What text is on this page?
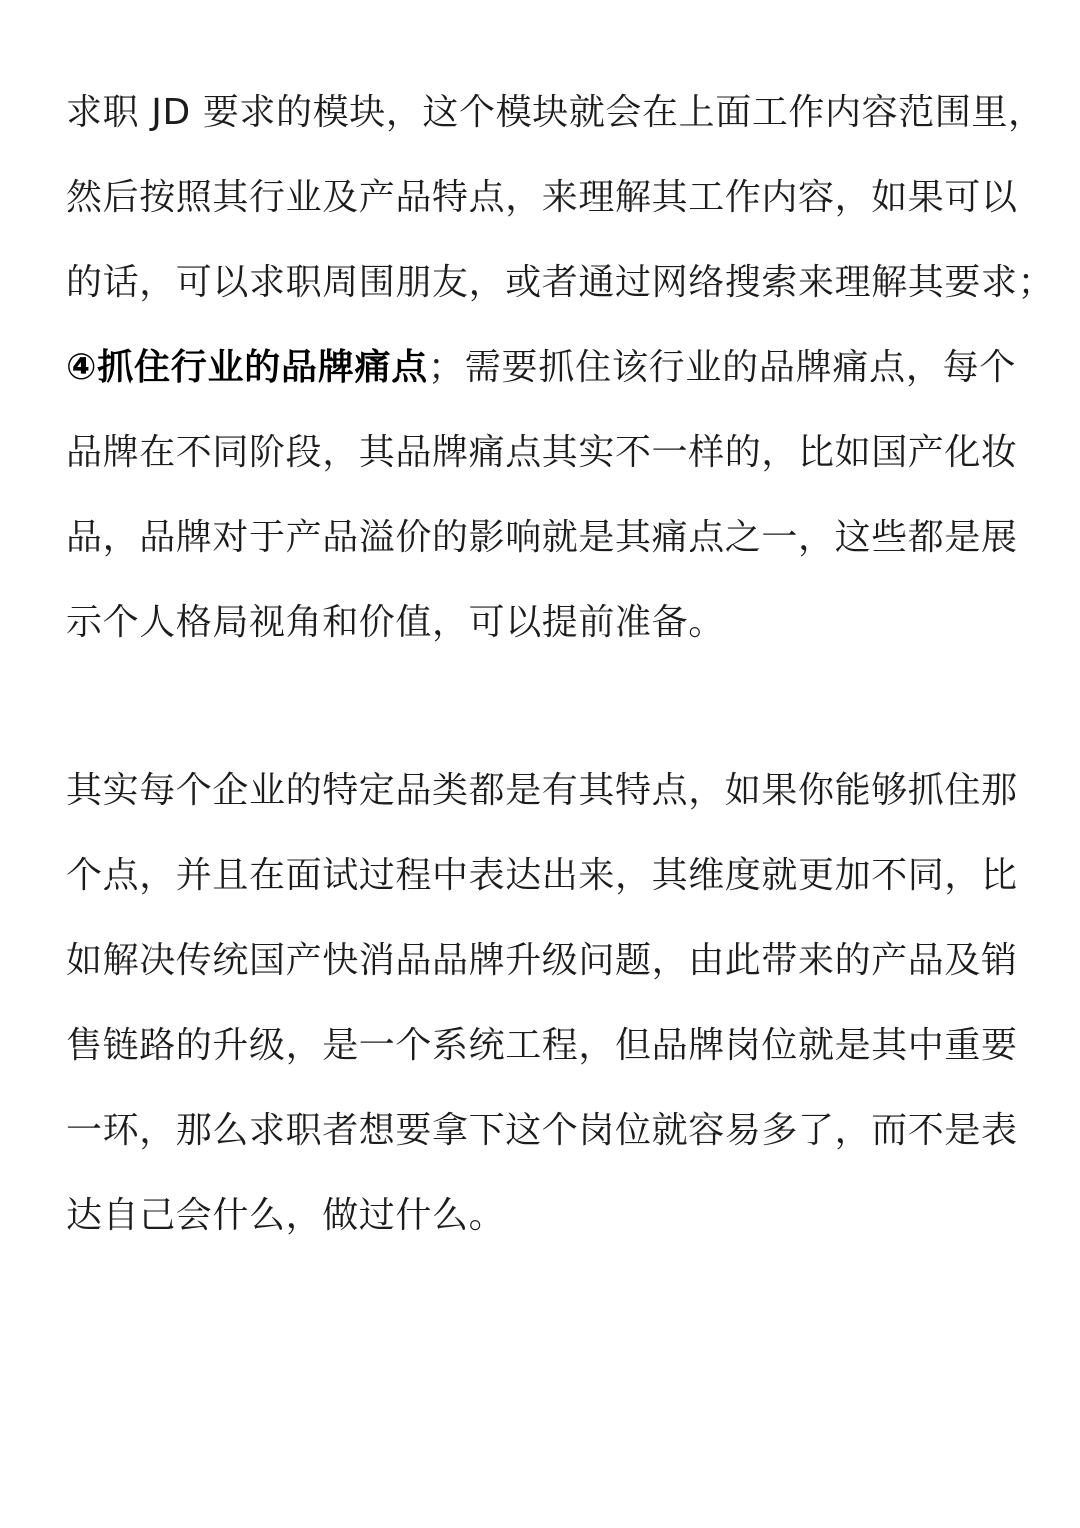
求职 JD 要求的模块，这个模块就会在上面工作内容范围里，
然后按照其行业及产品特点，来理解其工作内容，如果可以
的话，可以求职周围朋友，或者通过网络搜索来理解其要求；
④抓住行业的品牌痛点；需要抓住该行业的品牌痛点，每个
品牌在不同阶段，其品牌痛点其实不一样的，比如国产化妆
品，品牌对于产品溢价的影响就是其痛点之一，这些都是展
示个人格局视角和价值，可以提前准备。
其实每个企业的特定品类都是有其特点，如果你能够抓住那
个点，并且在面试过程中表达出来，其维度就更加不同，比
如解决传统国产快消品品牌升级问题，由此带来的产品及销
售链路的升级，是一个系统工程，但品牌岗位就是其中重要
一环，那么求职者想要拿下这个岗位就容易多了，而不是表
达自己会什么，做过什么。
